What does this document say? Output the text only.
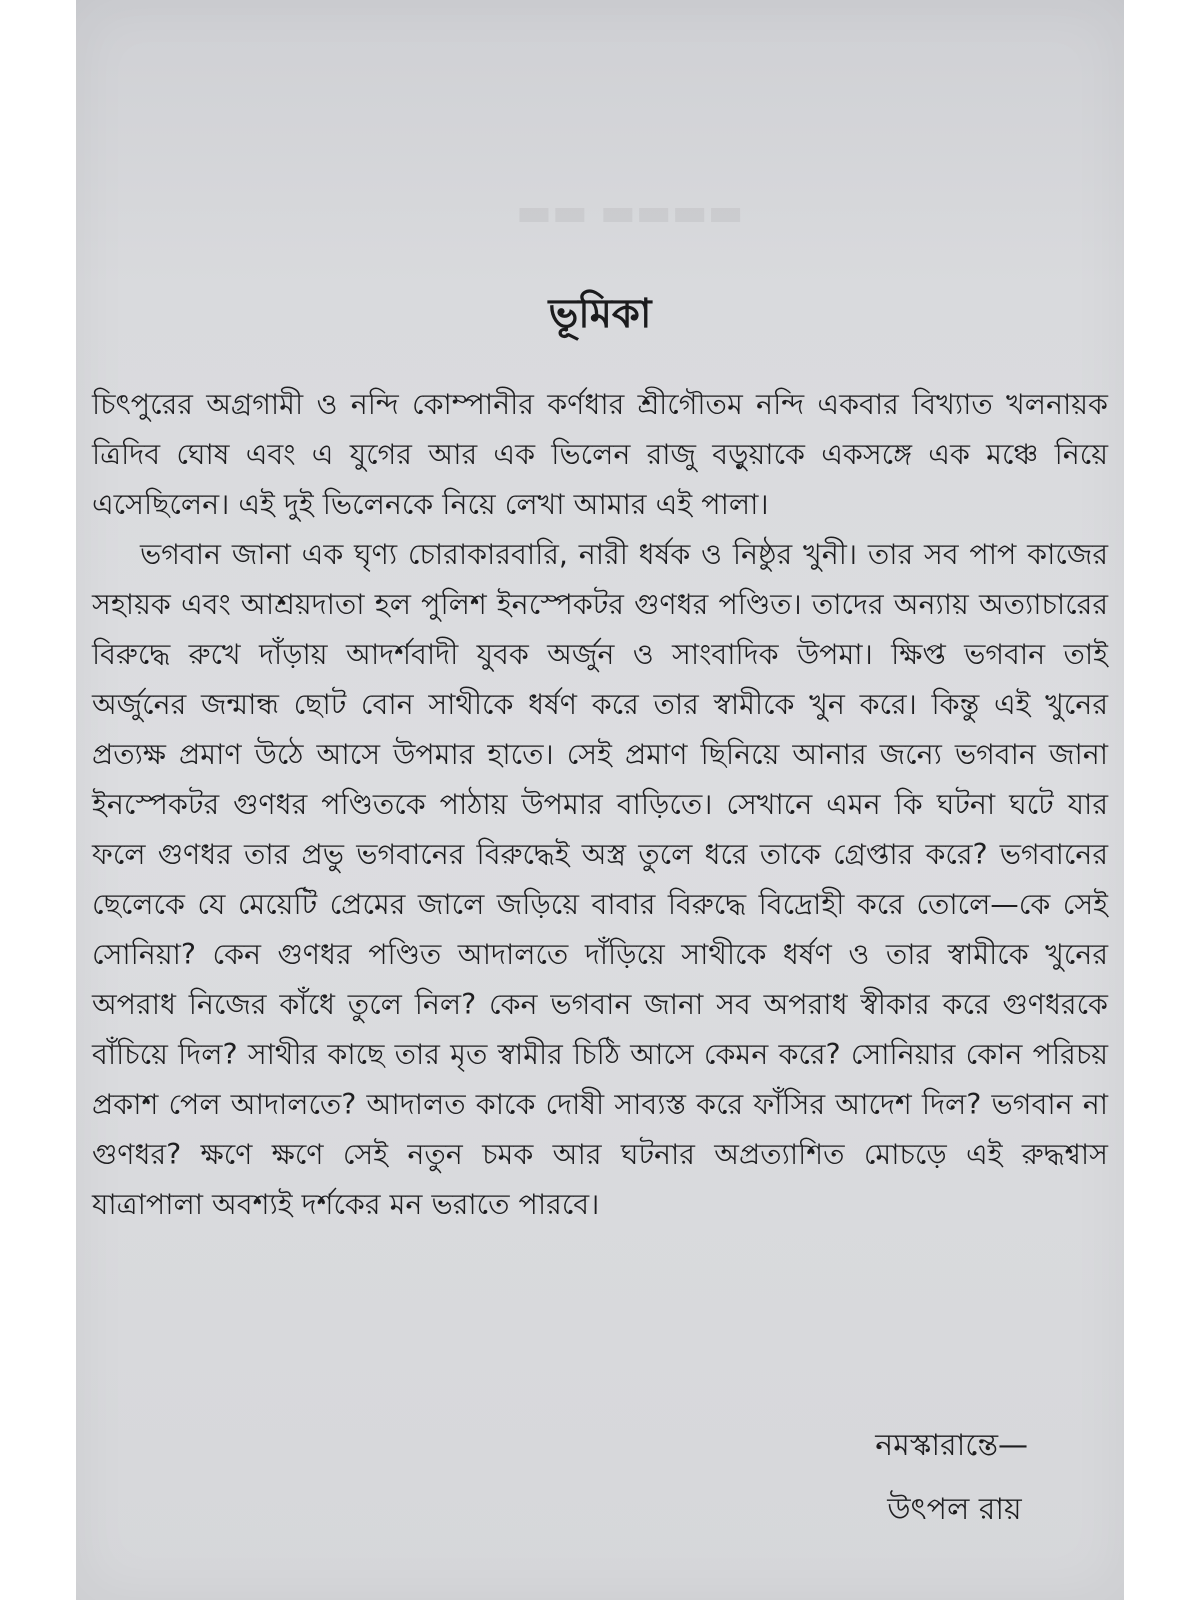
▬▬ ▬▬▬▬
ভূমিকা

চিৎপুরের অগ্রগামী ও নন্দি কোম্পানীর কর্ণধার শ্রীগৌতম নন্দি একবার বিখ্যাত খলনায়ক ত্রিদিব ঘোষ এবং এ যুগের আর এক ভিলেন রাজু বড়ুয়াকে একসঙ্গে এক মঞ্চে নিয়ে এসেছিলেন। এই দুই ভিলেনকে নিয়ে লেখা আমার এই পালা।

ভগবান জানা এক ঘৃণ্য চোরাকারবারি, নারী ধর্ষক ও নিষ্ঠুর খুনী। তার সব পাপ কাজের সহায়ক এবং আশ্রয়দাতা হল পুলিশ ইনস্পেকটর গুণধর পণ্ডিত। তাদের অন্যায় অত্যাচারের বিরুদ্ধে রুখে দাঁড়ায় আদর্শবাদী যুবক অর্জুন ও সাংবাদিক উপমা। ক্ষিপ্ত ভগবান তাই অর্জুনের জন্মান্ধ ছোট বোন সাথীকে ধর্ষণ করে তার স্বামীকে খুন করে। কিন্তু এই খুনের প্রত্যক্ষ প্রমাণ উঠে আসে উপমার হাতে। সেই প্রমাণ ছিনিয়ে আনার জন্যে ভগবান জানা ইনস্পেকটর গুণধর পণ্ডিতকে পাঠায় উপমার বাড়িতে। সেখানে এমন কি ঘটনা ঘটে যার ফলে গুণধর তার প্রভু ভগবানের বিরুদ্ধেই অস্ত্র তুলে ধরে তাকে গ্রেপ্তার করে? ভগবানের ছেলেকে যে মেয়েটি প্রেমের জালে জড়িয়ে বাবার বিরুদ্ধে বিদ্রোহী করে তোলে—কে সেই সোনিয়া? কেন গুণধর পণ্ডিত আদালতে দাঁড়িয়ে সাথীকে ধর্ষণ ও তার স্বামীকে খুনের অপরাধ নিজের কাঁধে তুলে নিল? কেন ভগবান জানা সব অপরাধ স্বীকার করে গুণধরকে বাঁচিয়ে দিল? সাথীর কাছে তার মৃত স্বামীর চিঠি আসে কেমন করে? সোনিয়ার কোন পরিচয় প্রকাশ পেল আদালতে? আদালত কাকে দোষী সাব্যস্ত করে ফাঁসির আদেশ দিল? ভগবান না গুণধর? ক্ষণে ক্ষণে সেই নতুন চমক আর ঘটনার অপ্রত্যাশিত মোচড়ে এই রুদ্ধশ্বাস যাত্রাপালা অবশ্যই দর্শকের মন ভরাতে পারবে।

নমস্কারান্তে—
উৎপল রায়
